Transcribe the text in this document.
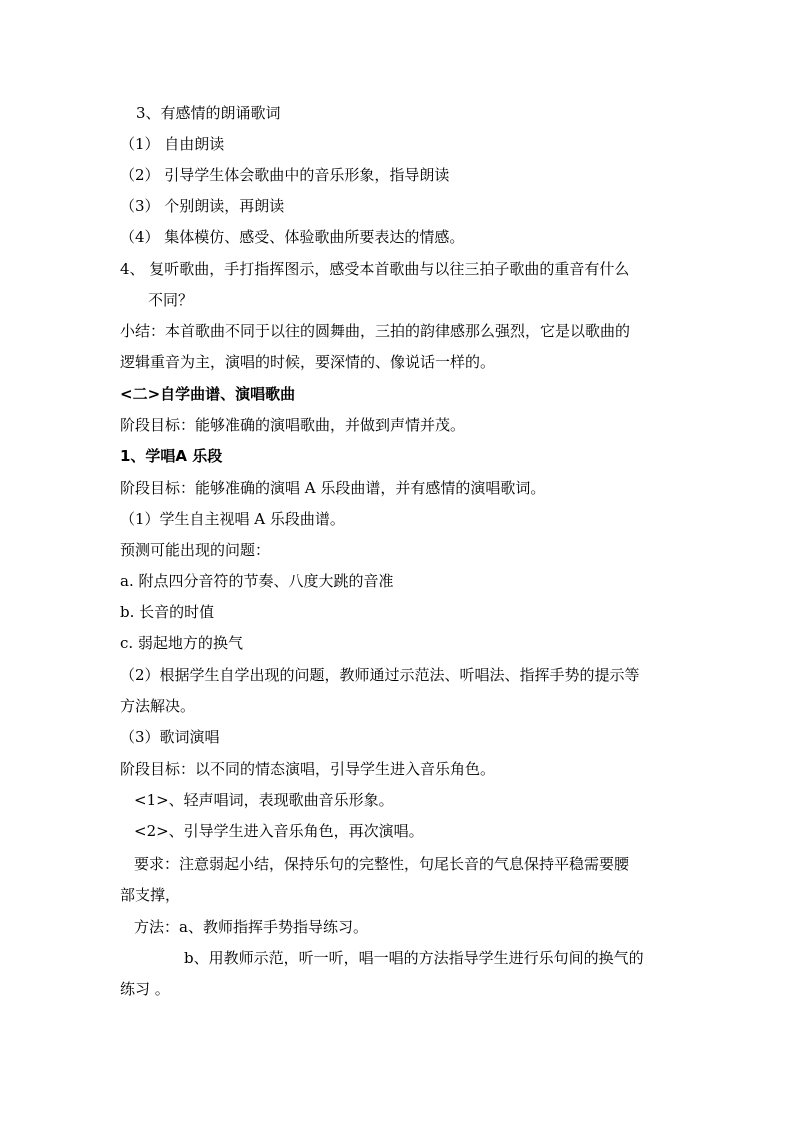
3、有感情的朗诵歌词
（1） 自由朗读
（2） 引导学生体会歌曲中的音乐形象，指导朗读
（3） 个别朗读，再朗读
（4） 集体模仿、感受、体验歌曲所要表达的情感。
4、 复听歌曲，手打指挥图示，感受本首歌曲与以往三拍子歌曲的重音有什么
不同？
小结：本首歌曲不同于以往的圆舞曲，三拍的韵律感那么强烈，它是以歌曲的
逻辑重音为主，演唱的时候，要深情的、像说话一样的。
<二>自学曲谱、演唱歌曲
阶段目标：能够准确的演唱歌曲，并做到声情并茂。
1、学唱A 乐段
阶段目标：能够准确的演唱 A 乐段曲谱，并有感情的演唱歌词。
（1）学生自主视唱 A 乐段曲谱。
预测可能出现的问题：
a. 附点四分音符的节奏、八度大跳的音准
b. 长音的时值
c. 弱起地方的换气
（2）根据学生自学出现的问题，教师通过示范法、听唱法、指挥手势的提示等
方法解决。
（3）歌词演唱
阶段目标：以不同的情态演唱，引导学生进入音乐角色。
<1>、轻声唱词，表现歌曲音乐形象。
<2>、引导学生进入音乐角色，再次演唱。
要求：注意弱起小结，保持乐句的完整性，句尾长音的气息保持平稳需要腰
部支撑，
方法：a、教师指挥手势指导练习。
b、用教师示范，听一听，唱一唱的方法指导学生进行乐句间的换气的
练习 。
